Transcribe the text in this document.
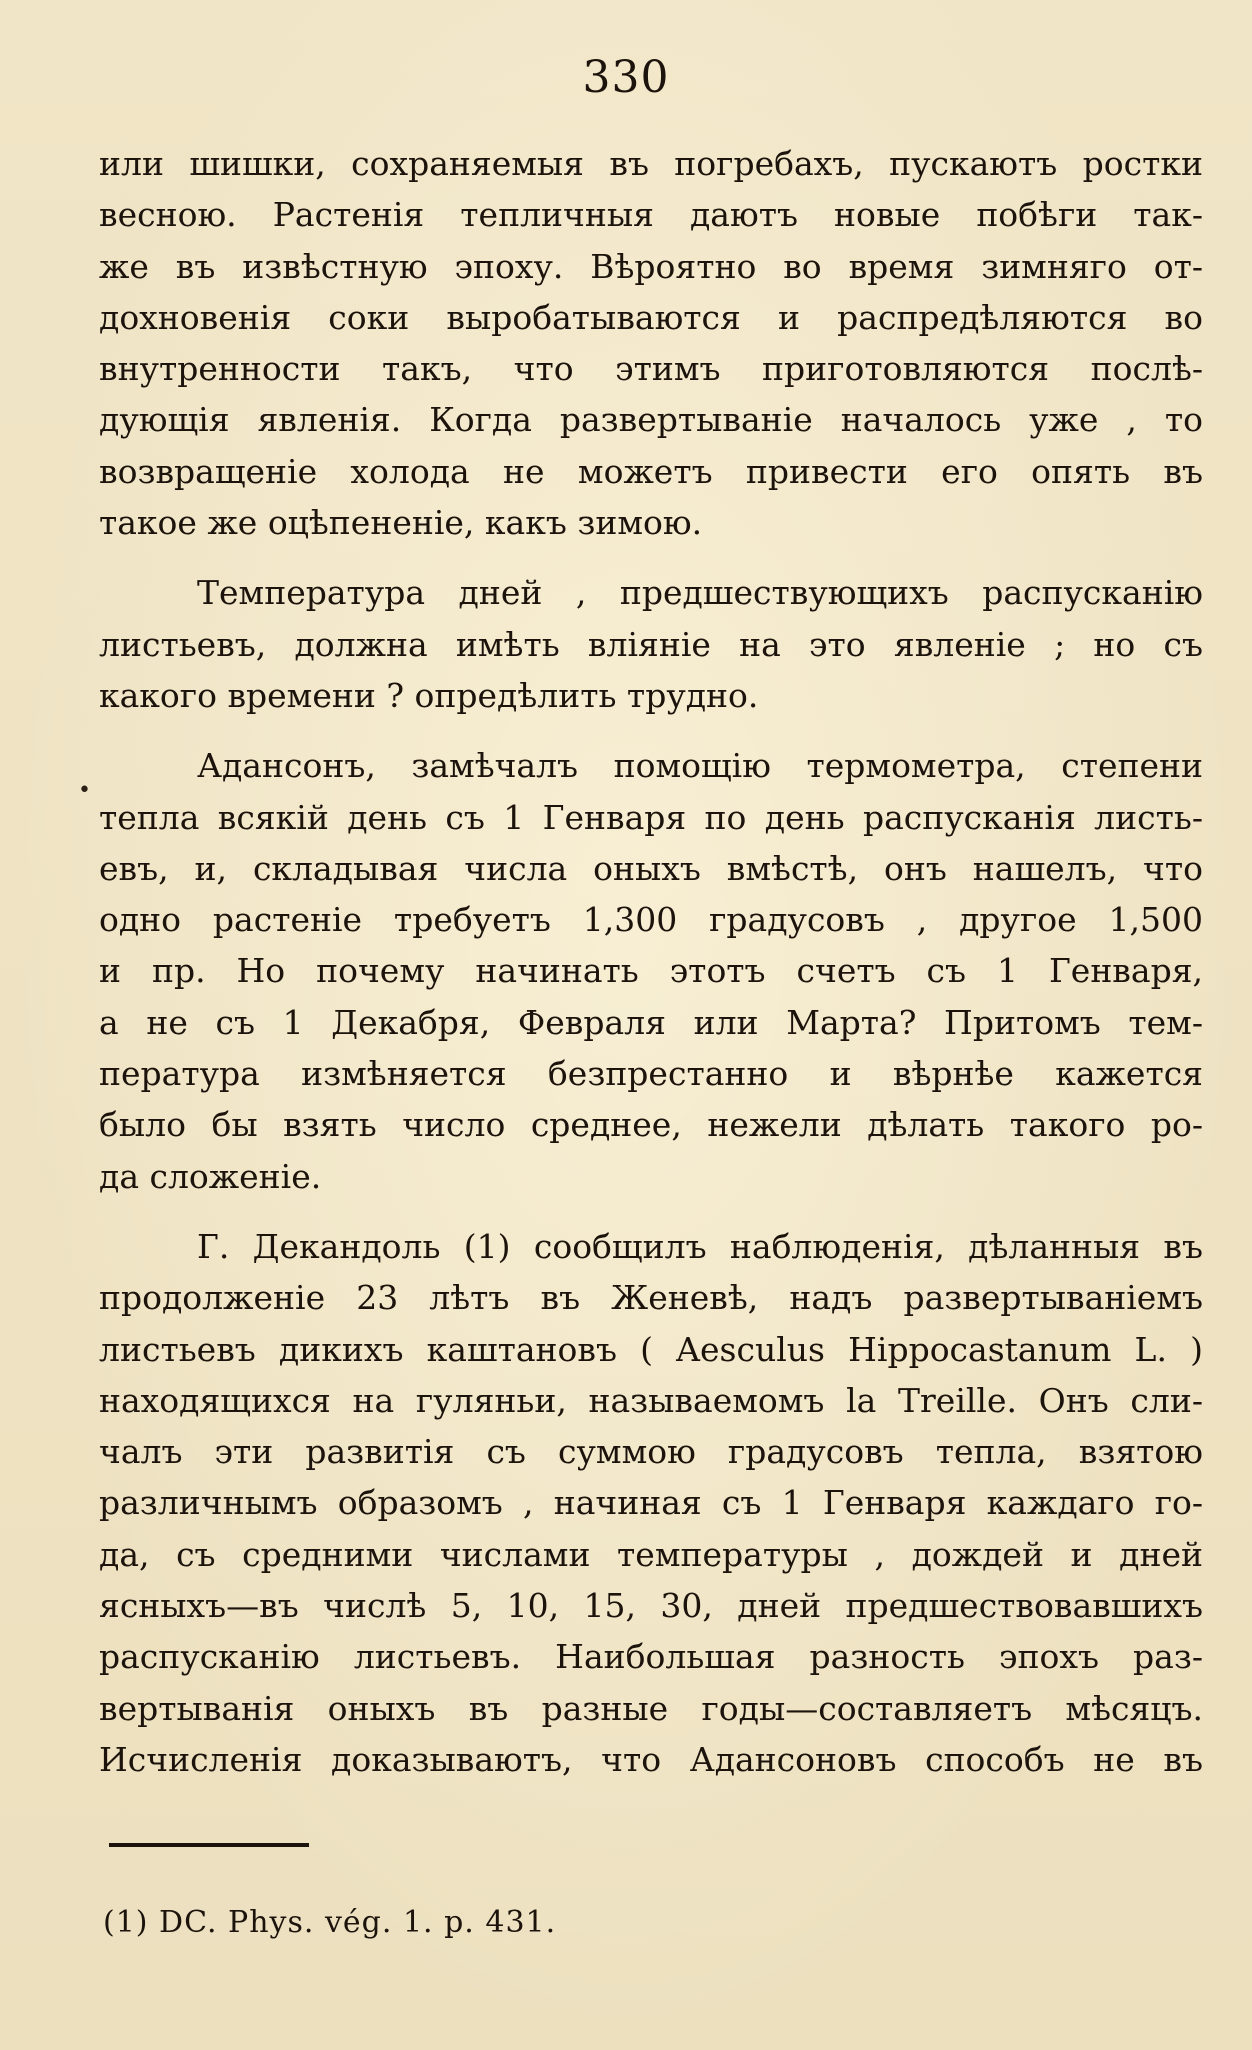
330

или шишки, сохраняемыя въ погребахъ, пускаютъ ростки
весною. Растенія тепличныя даютъ новые побѣги так-
же въ извѣстную эпоху. Вѣроятно во время зимняго от-
дохновенія соки выробатываются и распредѣляются во
внутренности такъ, что этимъ приготовляются послѣ-
дующія явленія. Когда развертываніе началось уже , то
возвращеніе холода не можетъ привести его опять въ
такое же оцѣпененіе, какъ зимою.

Температура дней , предшествующихъ распусканію
листьевъ, должна имѣть вліяніе на это явленіе ; но съ
какого времени ? опредѣлить трудно.

Адансонъ, замѣчалъ помощію термометра, степени
тепла всякій день съ 1 Генваря по день распусканія листь-
евъ, и, складывая числа оныхъ вмѣстѣ, онъ нашелъ, что
одно растеніе требуетъ 1,300 градусовъ , другое 1,500
и пр. Но почему начинать этотъ счетъ съ 1 Генваря,
а не съ 1 Декабря, Февраля или Марта? Притомъ тем-
пература измѣняется безпрестанно и вѣрнѣе кажется
было бы взять число среднее, нежели дѣлать такого ро-
да сложеніе.

Г. Декандоль (1) сообщилъ наблюденія, дѣланныя въ
продолженіе 23 лѣтъ въ Женевѣ, надъ развертываніемъ
листьевъ дикихъ каштановъ ( Aesculus Hippocastanum L. )
находящихся на гуляньи, называемомъ la Treille. Онъ сли-
чалъ эти развитія съ суммою градусовъ тепла, взятою
различнымъ образомъ , начиная съ 1 Генваря каждаго го-
да, съ средними числами температуры , дождей и дней
ясныхъ—въ числѣ 5, 10, 15, 30, дней предшествовавшихъ
распусканію листьевъ. Наибольшая разность эпохъ раз-
вертыванія оныхъ въ разные годы—составляетъ мѣсяцъ.
Исчисленія доказываютъ, что Адансоновъ способъ не въ

•
(1) DC. Phys. vég. 1. p. 431.
